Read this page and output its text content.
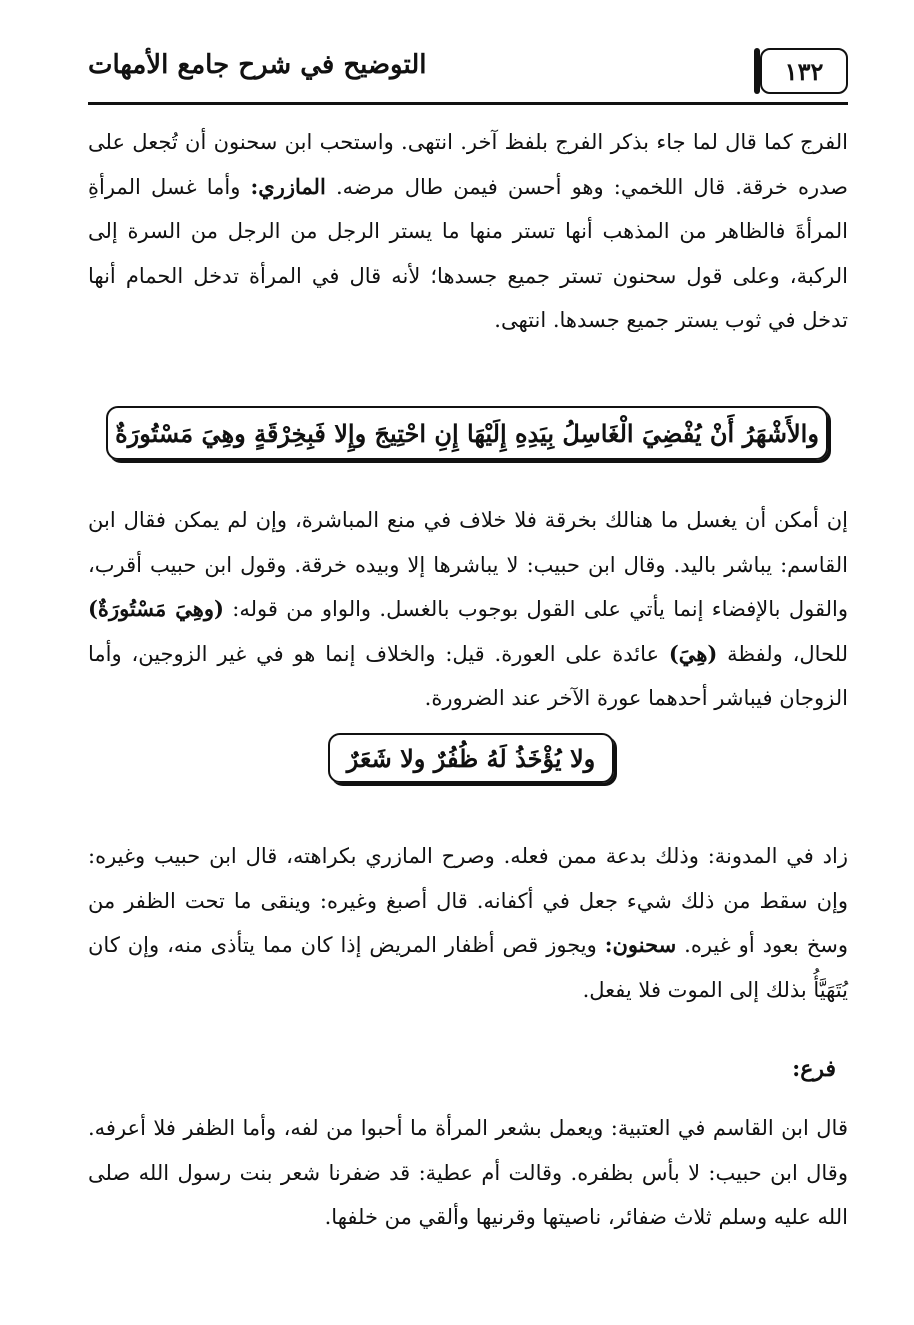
١٣٢
التوضيح في شرح جامع الأمهات

الفرج كما قال لما جاء بذكر الفرج بلفظ آخر. انتهى. واستحب ابن سحنون أن تُجعل على صدره خرقة. قال اللخمي: وهو أحسن فيمن طال مرضه. المازري: وأما غسل المرأةِ المرأةَ فالظاهر من المذهب أنها تستر منها ما يستر الرجل من الرجل من السرة إلى الركبة، وعلى قول سحنون تستر جميع جسدها؛ لأنه قال في المرأة تدخل الحمام أنها تدخل في ثوب يستر جميع جسدها. انتهى.

والأَشْهَرُ أَنْ يُفْضِيَ الْغَاسِلُ بِيَدِهِ إِلَيْهَا إِنِ احْتِيجَ وإِلا فَبِخِرْقَةٍ وهِيَ مَسْتُورَةٌ

إن أمكن أن يغسل ما هنالك بخرقة فلا خلاف في منع المباشرة، وإن لم يمكن فقال ابن القاسم: يباشر باليد. وقال ابن حبيب: لا يباشرها إلا وبيده خرقة. وقول ابن حبيب أقرب، والقول بالإفضاء إنما يأتي على القول بوجوب بالغسل. والواو من قوله: (وهِيَ مَسْتُورَةٌ) للحال، ولفظة (هِيَ) عائدة على العورة. قيل: والخلاف إنما هو في غير الزوجين، وأما الزوجان فيباشر أحدهما عورة الآخر عند الضرورة.

ولا يُؤْخَذُ لَهُ ظُفُرٌ ولا شَعَرٌ

زاد في المدونة: وذلك بدعة ممن فعله. وصرح المازري بكراهته، قال ابن حبيب وغيره: وإن سقط من ذلك شيء جعل في أكفانه. قال أصبغ وغيره: وينقى ما تحت الظفر من وسخ بعود أو غيره. سحنون: ويجوز قص أظفار المريض إذا كان مما يتأذى منه، وإن كان يُتَهَيَّأُ بذلك إلى الموت فلا يفعل.

فرع:

قال ابن القاسم في العتبية: ويعمل بشعر المرأة ما أحبوا من لفه، وأما الظفر فلا أعرفه. وقال ابن حبيب: لا بأس بظفره. وقالت أم عطية: قد ضفرنا شعر بنت رسول الله صلى الله عليه وسلم ثلاث ضفائر، ناصيتها وقرنيها وألقي من خلفها.
